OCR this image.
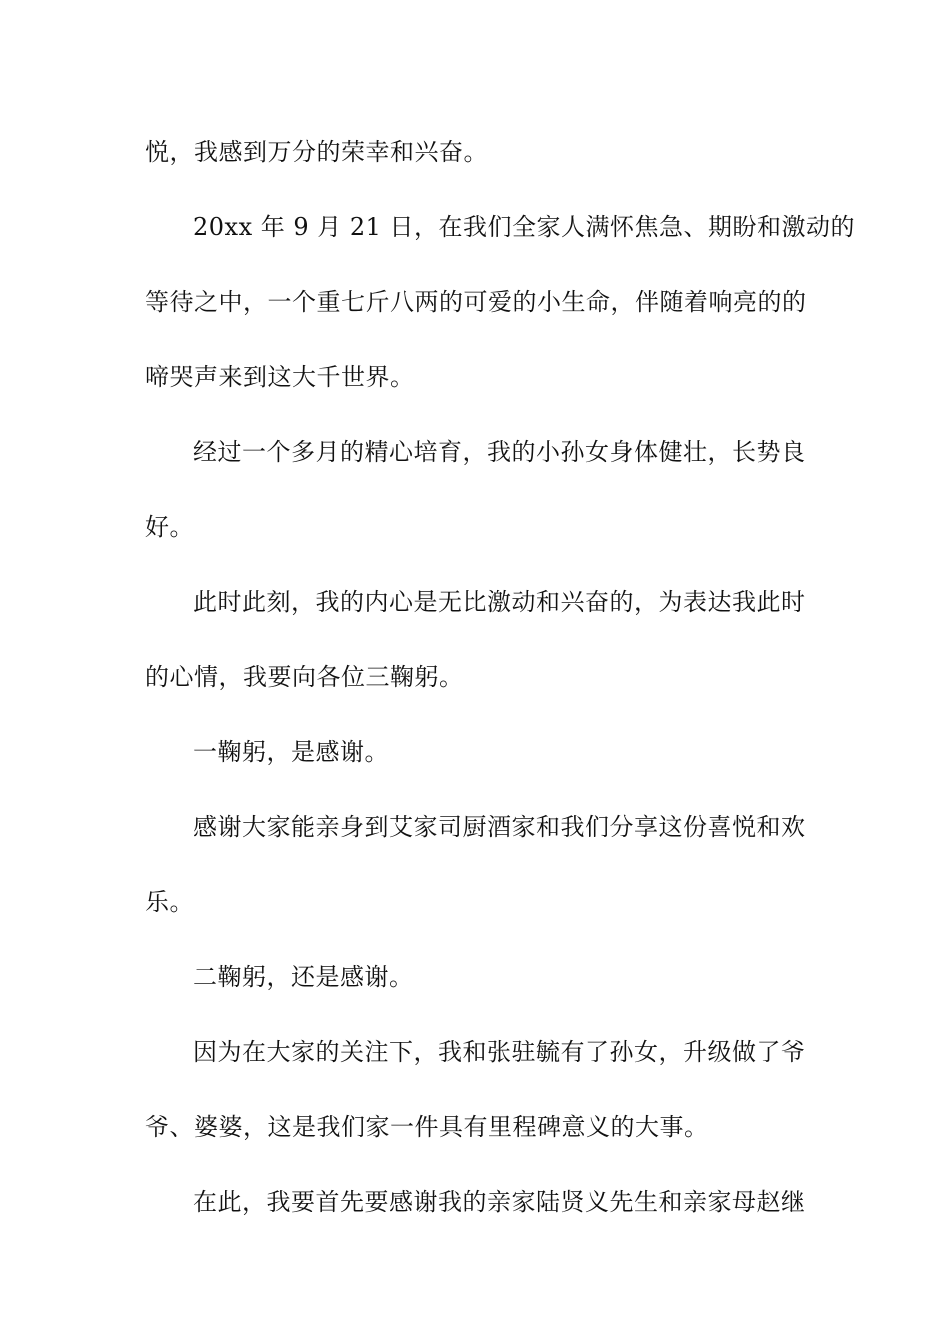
悦，我感到万分的荣幸和兴奋。
20xx 年 9 月 21 日，在我们全家人满怀焦急、期盼和激动的
等待之中，一个重七斤八两的可爱的小生命，伴随着响亮的的
啼哭声来到这大千世界。
经过一个多月的精心培育，我的小孙女身体健壮，长势良
好。
此时此刻，我的内心是无比激动和兴奋的，为表达我此时
的心情，我要向各位三鞠躬。
一鞠躬，是感谢。
感谢大家能亲身到艾家司厨酒家和我们分享这份喜悦和欢
乐。
二鞠躬，还是感谢。
因为在大家的关注下，我和张驻毓有了孙女，升级做了爷
爷、婆婆，这是我们家一件具有里程碑意义的大事。
在此，我要首先要感谢我的亲家陆贤义先生和亲家母赵继
